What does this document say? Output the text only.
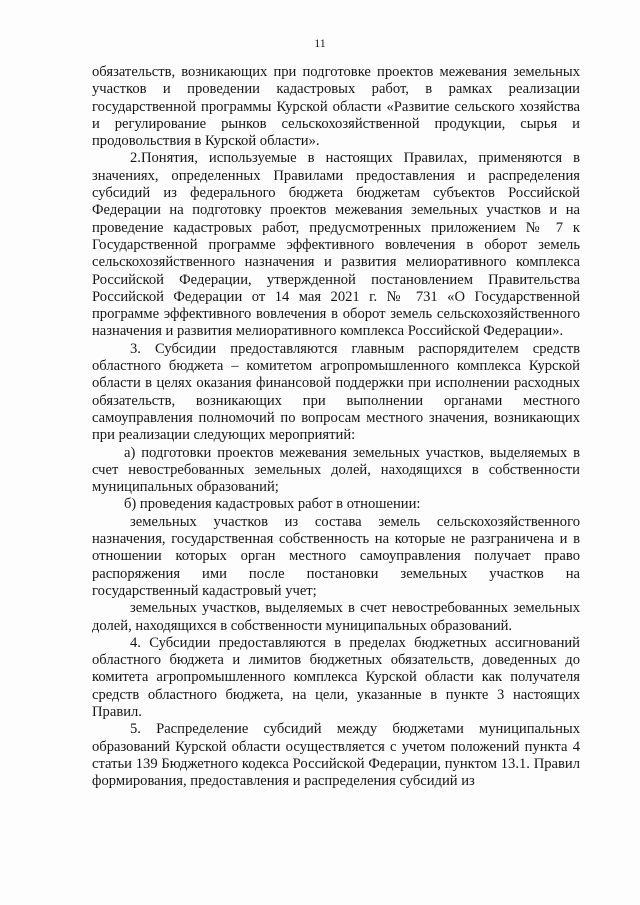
11

обязательств, возникающих при подготовке проектов межевания земельных участков и проведении кадастровых работ, в рамках реализации государственной программы Курской области «Развитие сельского хозяйства и регулирование рынков сельскохозяйственной продукции, сырья и продовольствия в Курской области».

2.Понятия, используемые в настоящих Правилах, применяются в значениях, определенных Правилами предоставления и распределения субсидий из федерального бюджета бюджетам субъектов Российской Федерации на подготовку проектов межевания земельных участков и на проведение кадастровых работ, предусмотренных приложением № 7 к Государственной программе эффективного вовлечения в оборот земель сельскохозяйственного назначения и развития мелиоративного комплекса Российской Федерации, утвержденной постановлением Правительства Российской Федерации от 14 мая 2021 г. № 731 «О Государственной программе эффективного вовлечения в оборот земель сельскохозяйственного назначения и развития мелиоративного комплекса Российской Федерации».

3. Субсидии предоставляются главным распорядителем средств областного бюджета – комитетом агропромышленного комплекса Курской области в целях оказания финансовой поддержки при исполнении расходных обязательств, возникающих при выполнении органами местного самоуправления полномочий по вопросам местного значения, возникающих при реализации следующих мероприятий:

а) подготовки проектов межевания земельных участков, выделяемых в счет невостребованных земельных долей, находящихся в собственности муниципальных образований;

б) проведения кадастровых работ в отношении:

земельных участков из состава земель сельскохозяйственного назначения, государственная собственность на которые не разграничена и в отношении которых орган местного самоуправления получает право распоряжения ими после постановки земельных участков на государственный кадастровый учет;

земельных участков, выделяемых в счет невостребованных земельных долей, находящихся в собственности муниципальных образований.

4. Субсидии предоставляются в пределах бюджетных ассигнований областного бюджета и лимитов бюджетных обязательств, доведенных до комитета агропромышленного комплекса Курской области как получателя средств областного бюджета, на цели, указанные в пункте 3 настоящих Правил.

5. Распределение субсидий между бюджетами муниципальных образований Курской области осуществляется с учетом положений пункта 4 статьи 139 Бюджетного кодекса Российской Федерации, пунктом 13.1. Правил формирования, предоставления и распределения субсидий из
